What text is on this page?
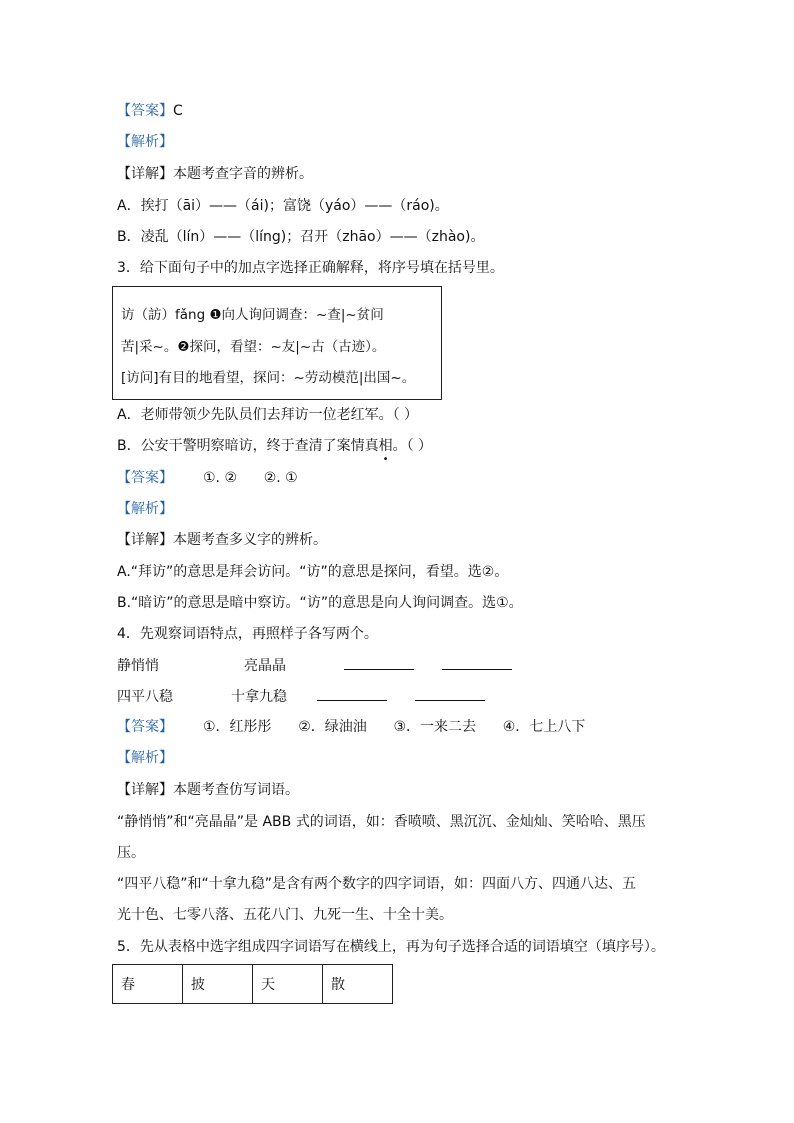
【答案】C
【解析】
【详解】本题考查字音的辨析。
A．挨打（āi）——（ái)；富饶（yáo）——（ráo)。
B．凌乱（lín）——（líng)；召开（zhāo）——（zhào)。
3．给下面句子中的加点字选择正确解释，将序号填在括号里。
访（訪）fǎng ❶向人询问调查：~查|~贫问
苦|采~。❷探问，看望：~友|~古（古迹）。
[访问]有目的地看望，探问：~劳动模范|出国~。
A．老师带领少先队员们去拜访一位老红军。（ ）
B．公安干警明察暗访，终于查清了案情真相。（ ）
【答案】 ①. ②      ②. ①
【解析】
【详解】本题考查多义字的辨析。
A.“拜访”的意思是拜会访问。“访”的意思是探问，看望。选②。
B.“暗访”的意思是暗中察访。“访”的意思是向人询问调查。选①。
4．先观察词语特点，再照样子各写两个。
静悄悄	亮晶晶
四平八稳	十拿九稳
【答案】 ①．红彤彤      ②．绿油油      ③．一来二去      ④．七上八下
【解析】
【详解】本题考查仿写词语。
“静悄悄”和“亮晶晶”是 ABB 式的词语，如：香喷喷、黑沉沉、金灿灿、笑哈哈、黑压
压。
“四平八稳”和“十拿九稳”是含有两个数字的四字词语，如：四面八方、四通八达、五
光十色、七零八落、五花八门、九死一生、十全十美。
5．先从表格中选字组成四字词语写在横线上，再为句子选择合适的词语填空（填序号）。
春	披	天	散
